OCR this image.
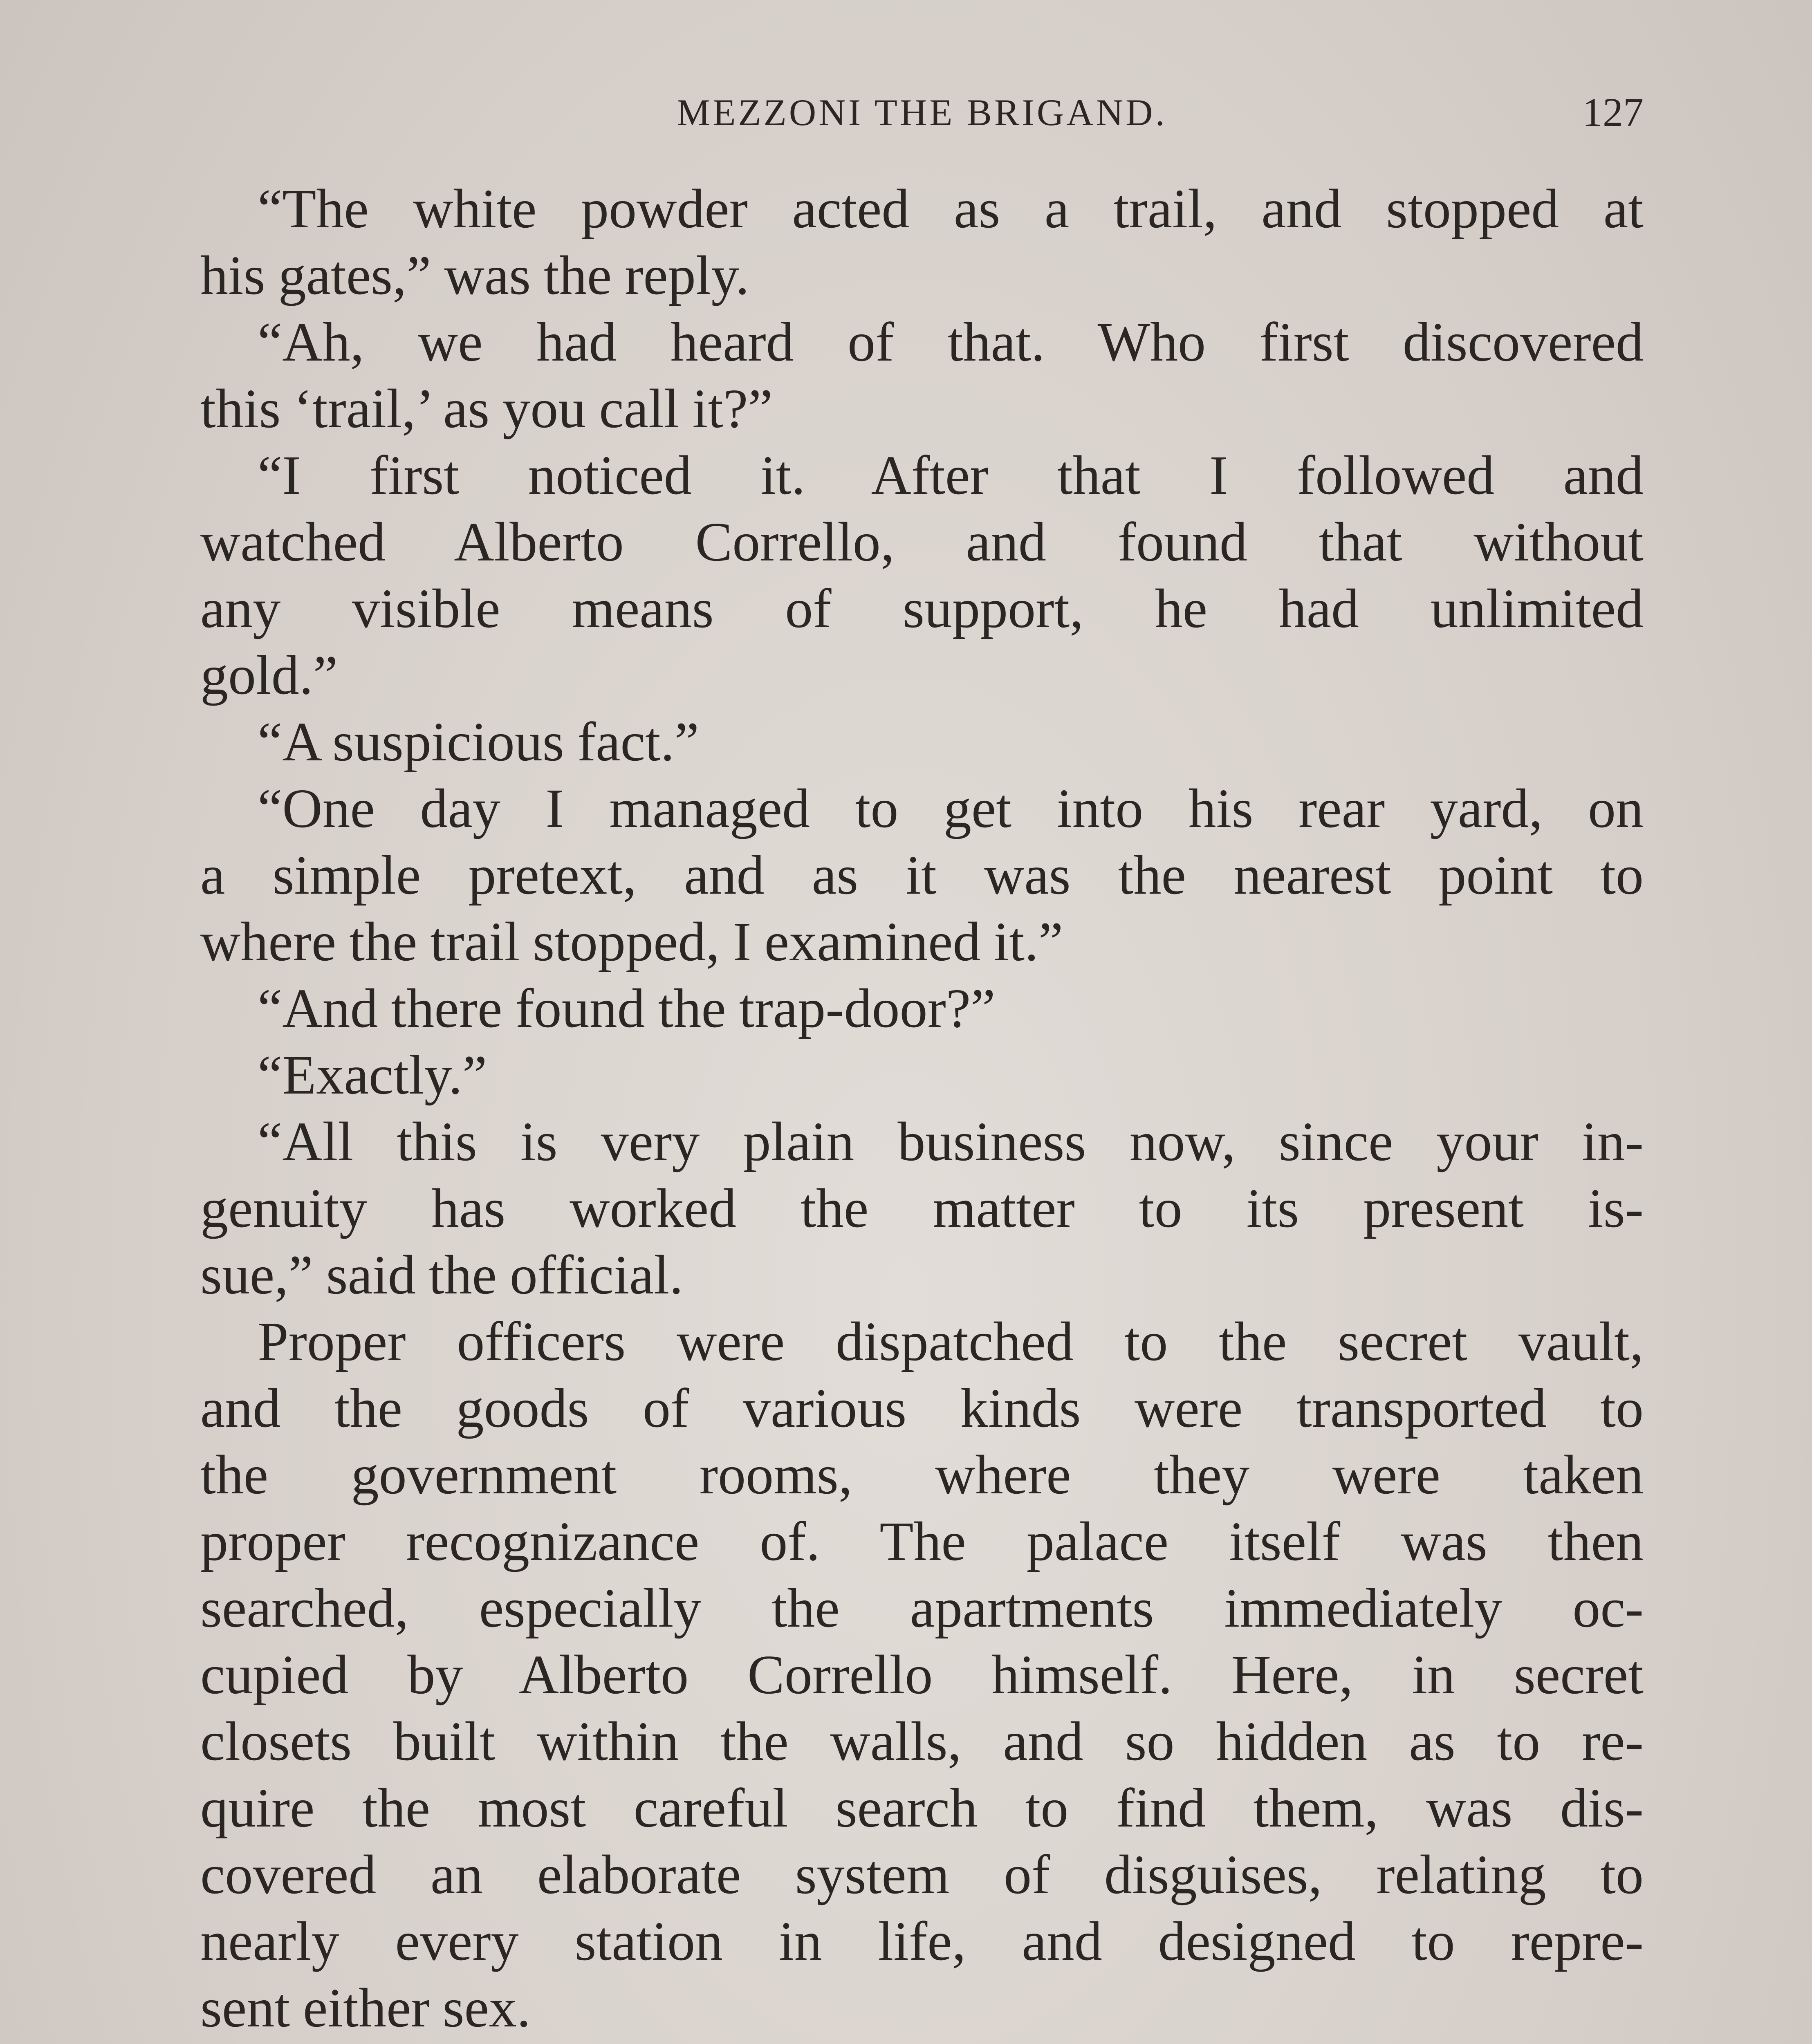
MEZZONI THE BRIGAND.	127
“The white powder acted as a trail, and stopped at
his gates,” was the reply.
“Ah, we had heard of that. Who first discovered
this ‘trail,’ as you call it?”
“I first noticed it. After that I followed and
watched Alberto Corrello, and found that without
any visible means of support, he had unlimited
gold.”
“A suspicious fact.”
“One day I managed to get into his rear yard, on
a simple pretext, and as it was the nearest point to
where the trail stopped, I examined it.”
“And there found the trap-door?”
“Exactly.”
“All this is very plain business now, since your in-
genuity has worked the matter to its present is-
sue,” said the official.
Proper officers were dispatched to the secret vault,
and the goods of various kinds were transported to
the government rooms, where they were taken
proper recognizance of. The palace itself was then
searched, especially the apartments immediately oc-
cupied by Alberto Corrello himself. Here, in secret
closets built within the walls, and so hidden as to re-
quire the most careful search to find them, was dis-
covered an elaborate system of disguises, relating to
nearly every station in life, and designed to repre-
sent either sex.
